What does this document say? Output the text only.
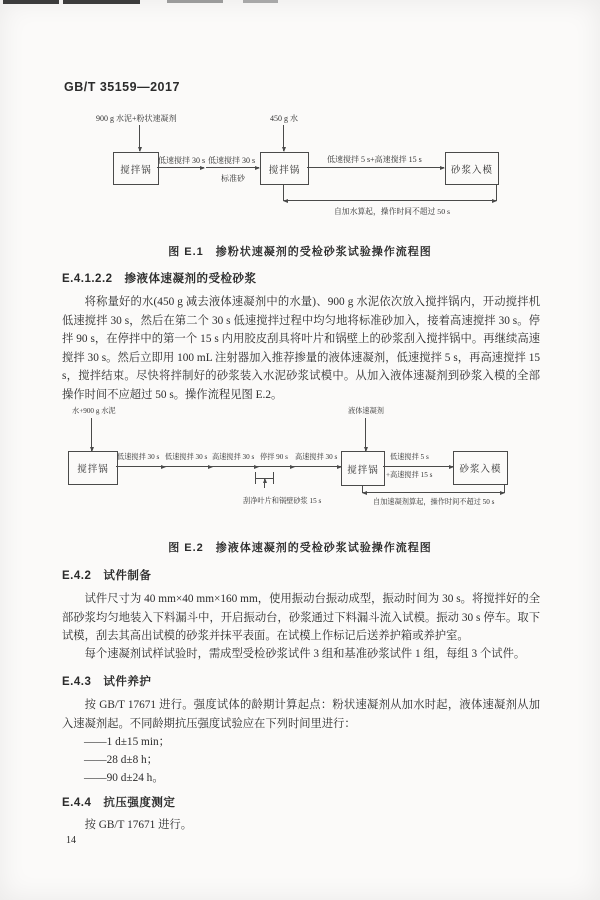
GB/T 35159—2017
900 g 水泥+粉状速凝剂
搅拌锅
450 g 水
搅拌锅
低速搅拌 30 s 低速搅拌 30 s
标准砂
低速搅拌 5 s+高速搅拌 15 s
砂浆入模
自加水算起，操作时间不超过 50 s
图 E.1　掺粉状速凝剂的受检砂浆试验操作流程图
E.4.1.2.2 掺液体速凝剂的受检砂浆

将称量好的水(450 g 减去液体速凝剂中的水量)、900 g 水泥依次放入搅拌锅内，开动搅拌机低速搅拌 30 s，然后在第二个 30 s 低速搅拌过程中均匀地将标准砂加入，接着高速搅拌 30 s。停拌 90 s，在停拌中的第一个 15 s 内用胶皮刮具将叶片和锅壁上的砂浆刮入搅拌锅中。再继续高速搅拌 30 s。然后立即用 100 mL 注射器加入推荐掺量的液体速凝剂，低速搅拌 5 s，再高速搅拌 15 s，搅拌结束。尽快将拌制好的砂浆装入水泥砂浆试模中。从加入液体速凝剂到砂浆入模的全部操作时间不应超过 50 s。操作流程见图 E.2。

水+900 g 水泥
搅拌锅
低速搅拌 30 s 低速搅拌 30 s 高速搅拌 30 s 停拌 90 s 高速搅拌 30 s
刮净叶片和锅壁砂浆 15 s
液体速凝剂
搅拌锅
低速搅拌 5 s
+高速搅拌 15 s	砂浆入模
自加速凝剂算起，操作时间不超过 50 s
图 E.2　掺液体速凝剂的受检砂浆试验操作流程图
E.4.2 试件制备

试件尺寸为 40 mm×40 mm×160 mm，使用振动台振动成型，振动时间为 30 s。将搅拌好的全部砂浆均匀地装入下料漏斗中，开启振动台，砂浆通过下料漏斗流入试模。振动 30 s 停车。取下试模，刮去其高出试模的砂浆并抹平表面。在试模上作标记后送养护箱或养护室。

每个速凝剂试样试验时，需成型受检砂浆试件 3 组和基准砂浆试件 1 组，每组 3 个试件。

E.4.3 试件养护

按 GB/T 17671 进行。强度试体的龄期计算起点：粉状速凝剂从加水时起，液体速凝剂从加入速凝剂起。不同龄期抗压强度试验应在下列时间里进行：

——1 d±15 min；
——28 d±8 h；
——90 d±24 h。
E.4.4 抗压强度测定

按 GB/T 17671 进行。

14
